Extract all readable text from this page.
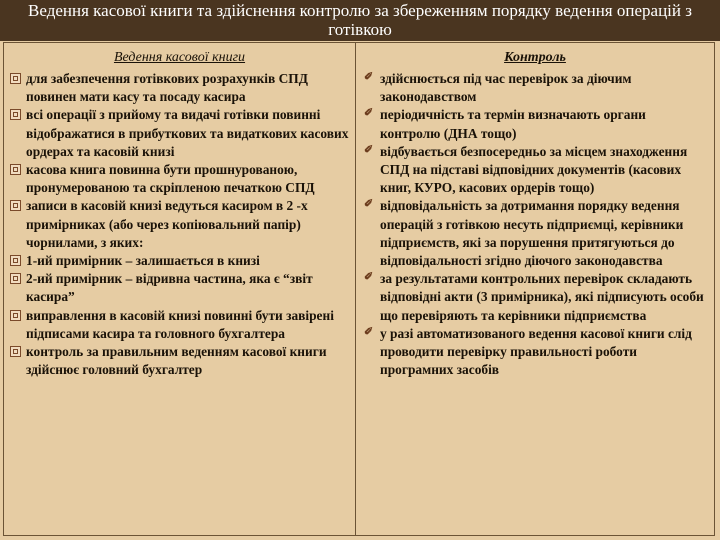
Ведення касової книги та здійснення контролю за збереженням порядку ведення операцій з готівкою
Ведення касової книги
для забезпечення готівкових розрахунків СПД повинен мати касу та посаду касира
всі операції з прийому та видачі готівки повинні відображатися в прибуткових та видаткових касових ордерах та касовій книзі
касова книга повинна бути прошнурованою, пронумерованою та скріпленою печаткою СПД
записи в касовій книзі ведуться касиром в 2 -х примірниках (або через копіювальний папір) чорнилами, з яких:
1-ий примірник – залишається в книзі
2-ий примірник – відривна частина, яка є “звіт касира”
виправлення в касовій книзі повинні бути завірені підписами касира та головного бухгалтера
контроль за правильним веденням касової книги здійснює головний бухгалтер
Контроль
✐ здійснюється під час перевірок за діючим законодавством
✐ періодичність та термін визначають органи контролю (ДНА тощо)
✐ відбувається безпосередньо за місцем знаходження СПД на підставі відповідних документів (касових книг, КУРО, касових ордерів тощо)
✐ відповідальність за дотримання порядку ведення операцій з готівкою несуть підприємці, керівники підприємств, які за порушення притягуються до відповідальності згідно діючого законодавства
✐ за результатами контрольних перевірок складають відповідні акти (3 примірника), які підписують особи що перевіряють та керівники підприємства
✐ у разі автоматизованого ведення касової книги слід проводити перевірку правильності роботи програмних засобів
